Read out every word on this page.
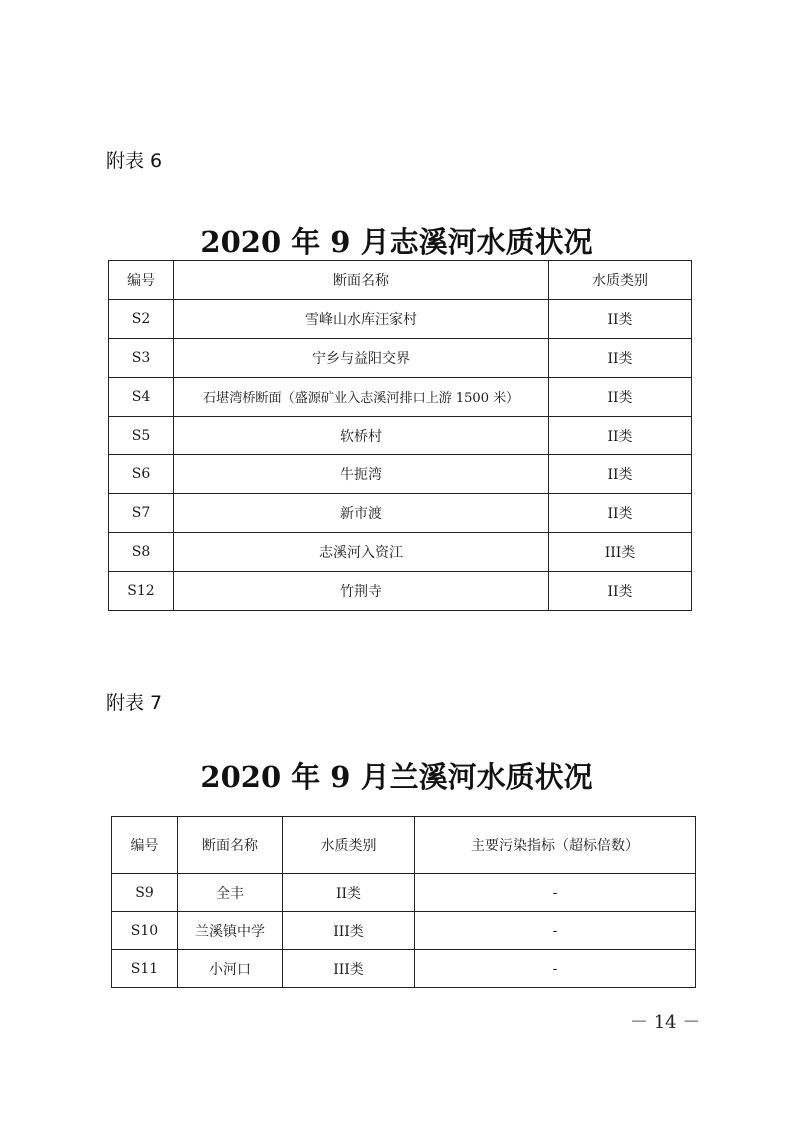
附表 6
2020 年 9 月志溪河水质状况
编号	断面名称	水质类别
S2	雪峰山水库汪家村	II类
S3	宁乡与益阳交界	II类
S4	石堪湾桥断面（盛源矿业入志溪河排口上游 1500 米）	II类
S5	软桥村	II类
S6	牛扼湾	II类
S7	新市渡	II类
S8	志溪河入资江	III类
S12	竹荆寺	II类
附表 7
2020 年 9 月兰溪河水质状况
编号	断面名称	水质类别	主要污染指标（超标倍数）
S9	全丰	II类	-
S10	兰溪镇中学	III类	-
S11	小河口	III类	-
－ 14 －
